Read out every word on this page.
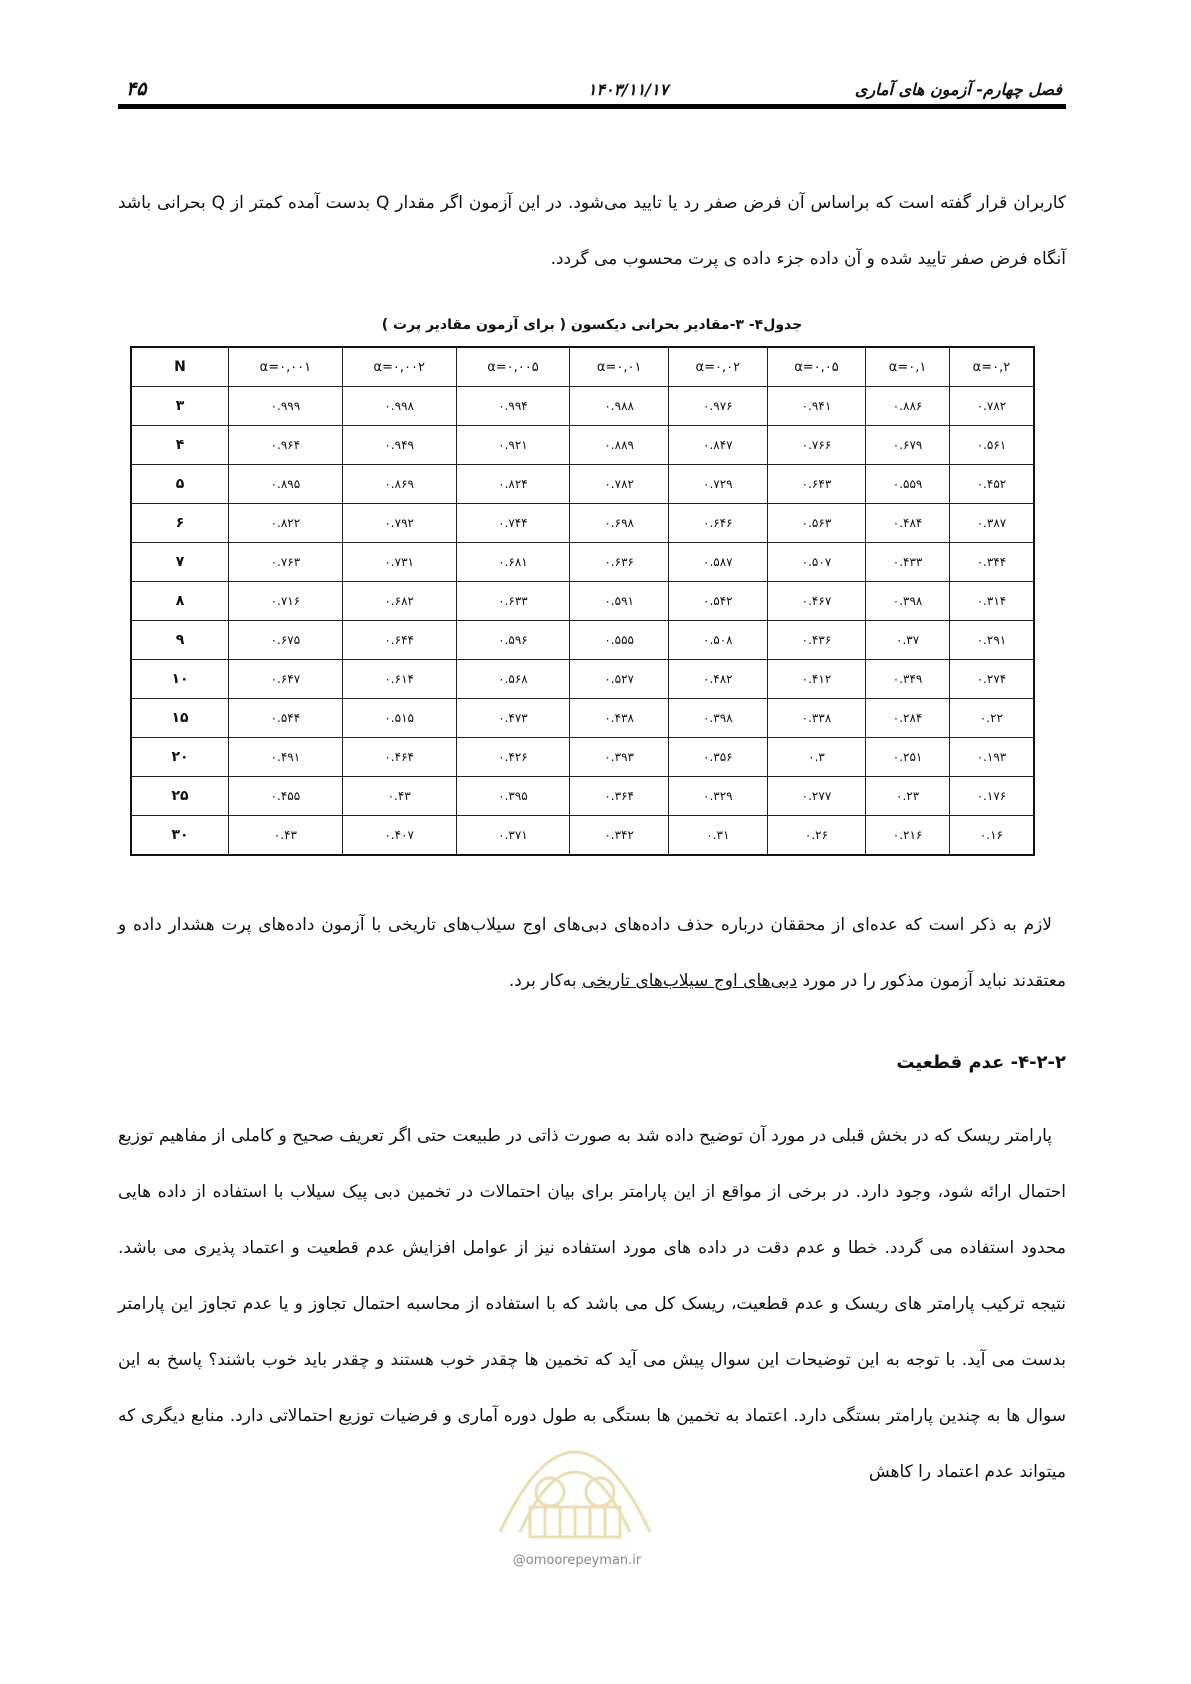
۴۵	۱۴۰۳/۱۱/۱۷	فصل چهارم- آزمون های آماری
کاربران قرار گفته است که براساس آن فرض صفر رد یا تایید می‌شود. در این آزمون اگر مقدار Q بدست آمده کمتر از Q بحرانی باشد آنگاه فرض صفر تایید شده و آن داده جزء داده ی پرت محسوب می گردد.
جدول۴- ۳-مقادیر بحرانی دیکسون ( برای آزمون مقادیر پرت )
N	α=۰,۰۰۱	α=۰,۰۰۲	α=۰,۰۰۵	α=۰,۰۱	α=۰,۰۲	α=۰,۰۵	α=۰,۱	α=۰,۲
۳	۰.۹۹۹	۰.۹۹۸	۰.۹۹۴	۰.۹۸۸	۰.۹۷۶	۰.۹۴۱	۰.۸۸۶	۰.۷۸۲
۴	۰.۹۶۴	۰.۹۴۹	۰.۹۲۱	۰.۸۸۹	۰.۸۴۷	۰.۷۶۶	۰.۶۷۹	۰.۵۶۱
۵	۰.۸۹۵	۰.۸۶۹	۰.۸۲۴	۰.۷۸۲	۰.۷۲۹	۰.۶۴۳	۰.۵۵۹	۰.۴۵۲
۶	۰.۸۲۲	۰.۷۹۲	۰.۷۴۴	۰.۶۹۸	۰.۶۴۶	۰.۵۶۳	۰.۴۸۴	۰.۳۸۷
۷	۰.۷۶۳	۰.۷۳۱	۰.۶۸۱	۰.۶۳۶	۰.۵۸۷	۰.۵۰۷	۰.۴۳۳	۰.۳۴۴
۸	۰.۷۱۶	۰.۶۸۲	۰.۶۳۳	۰.۵۹۱	۰.۵۴۲	۰.۴۶۷	۰.۳۹۸	۰.۳۱۴
۹	۰.۶۷۵	۰.۶۴۴	۰.۵۹۶	۰.۵۵۵	۰.۵۰۸	۰.۴۳۶	۰.۳۷	۰.۲۹۱
۱۰	۰.۶۴۷	۰.۶۱۴	۰.۵۶۸	۰.۵۲۷	۰.۴۸۲	۰.۴۱۲	۰.۳۴۹	۰.۲۷۴
۱۵	۰.۵۴۴	۰.۵۱۵	۰.۴۷۳	۰.۴۳۸	۰.۳۹۸	۰.۳۳۸	۰.۲۸۴	۰.۲۲
۲۰	۰.۴۹۱	۰.۴۶۴	۰.۴۲۶	۰.۳۹۳	۰.۳۵۶	۰.۳	۰.۲۵۱	۰.۱۹۳
۲۵	۰.۴۵۵	۰.۴۳	۰.۳۹۵	۰.۳۶۴	۰.۳۲۹	۰.۲۷۷	۰.۲۳	۰.۱۷۶
۳۰	۰.۴۳	۰.۴۰۷	۰.۳۷۱	۰.۳۴۲	۰.۳۱	۰.۲۶	۰.۲۱۶	۰.۱۶
لازم به ذکر است که عده‌ای از محققان درباره حذف داده‌های دبی‌های اوج سیلاب‌های تاریخی با آزمون داده‌های پرت هشدار داده و معتقدند نباید آزمون مذکور را در مورد دبی‌های اوج سیلاب‌های تاریخی به‌کار برد.
۴-۲-۲- عدم قطعیت
پارامتر ریسک که در بخش قبلی در مورد آن توضیح داده شد به صورت ذاتی در طبیعت حتی اگر تعریف صحیح و کاملی از مفاهیم توزیع احتمال ارائه شود، وجود دارد. در برخی از مواقع از این پارامتر برای بیان احتمالات در تخمین دبی پیک سیلاب با استفاده از داده هایی محدود استفاده می گردد. خطا و عدم دقت در داده های مورد استفاده نیز از عوامل افزایش عدم قطعیت و اعتماد پذیری می باشد. نتیجه ترکیب پارامتر های ریسک و عدم قطعیت، ریسک کل می باشد که با استفاده از محاسبه احتمال تجاوز و یا عدم تجاوز این پارامتر بدست می آید. با توجه به این توضیحات این سوال پیش می آید که تخمین ها چقدر خوب هستند و چقدر باید خوب باشند؟ پاسخ به این سوال ها به چندین پارامتر بستگی دارد. اعتماد به تخمین ها بستگی به طول دوره آماری و فرضیات توزیع احتمالاتی دارد. منابع دیگری که میتواند عدم اعتماد را کاهش
@omoorepeyman.ir
